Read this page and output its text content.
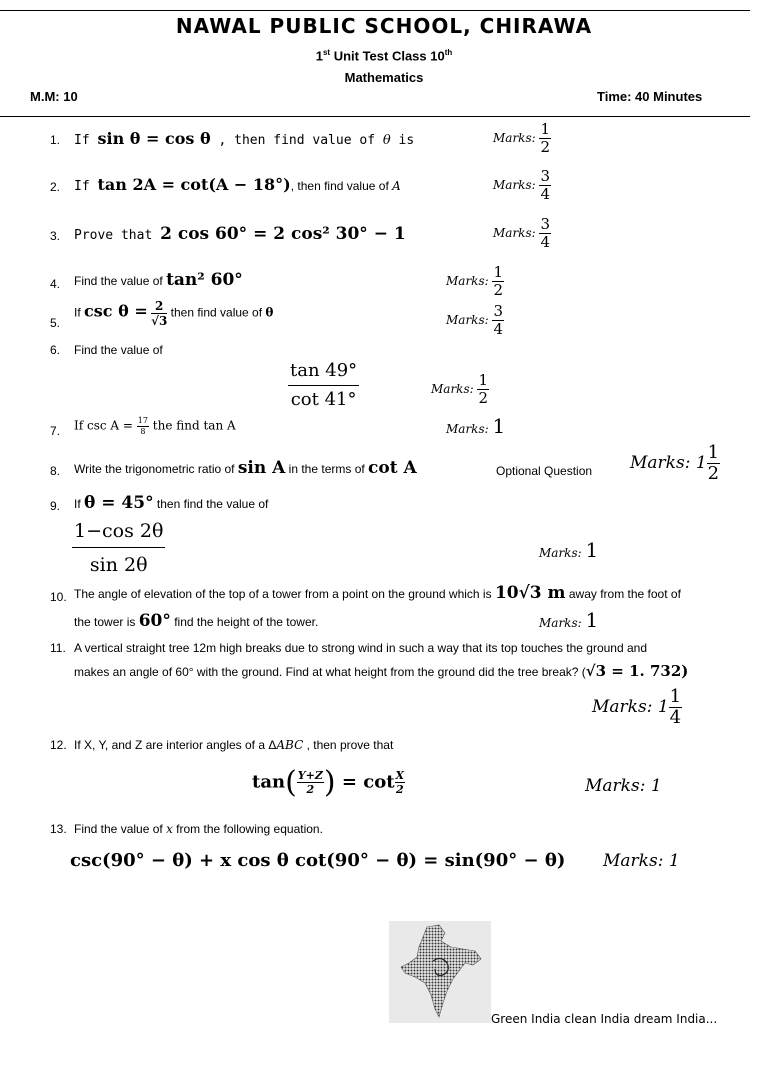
NAWAL PUBLIC SCHOOL, CHIRAWA
1st Unit Test Class 10th
Mathematics
M.M: 10	Time: 40 Minutes
1. If sin θ = cos θ , then find value of θ is	Marks: $\frac{1}{2}$
2. If tan 2A = cot(A − 18°), then find value of A	Marks: $\frac{3}{4}$
3. Prove that 2 cos 60° = 2 cos² 30° − 1	Marks: $\frac{3}{4}$
4. Find the value of tan² 60°	Marks: $\frac{1}{2}$
5.
If $\csc \theta = \frac{2}{√3}$ then find value of θ
Marks: $\frac{3}{4}$
6. Find the value of
$\frac{\tan 49^\circ}{\cot 41^\circ}$	Marks: $\frac{1}{2}$
7. If $\csc A = \frac{17}{8}$ the find tan A	Marks: 1
8. Write the trigonometric ratio of sin A in the terms of cot A	Optional Question Marks: $1 \frac{1}{2}$
9. If θ = 45° then find the value of
$\frac{1-\cos 2\theta}{\sin 2\theta}$	Marks: 1
10. The angle of elevation of the top of a tower from a point on the ground which is 10√3 m away from the foot of
the tower is 60° find the height of the tower.	Marks: 1
11. A vertical straight tree 12m high breaks due to strong wind in such a way that its top touches the ground and
makes an angle of 60° with the ground. Find at what height from the ground did the tree break? (√3 = 1. 732)
Marks: $1 \frac{1}{4}$
12. If X, Y, and Z are interior angles of a ΔABC , then prove that
$\tan( \frac{Y+Z}{2}$ ) = $\cot \frac{X}{2}$	Marks: 1
13. Find the value of x from the following equation.
csc(90° − θ) + x cos θ cot(90° − θ) = sin(90° − θ) Marks: 1
Green India clean India dream India...
